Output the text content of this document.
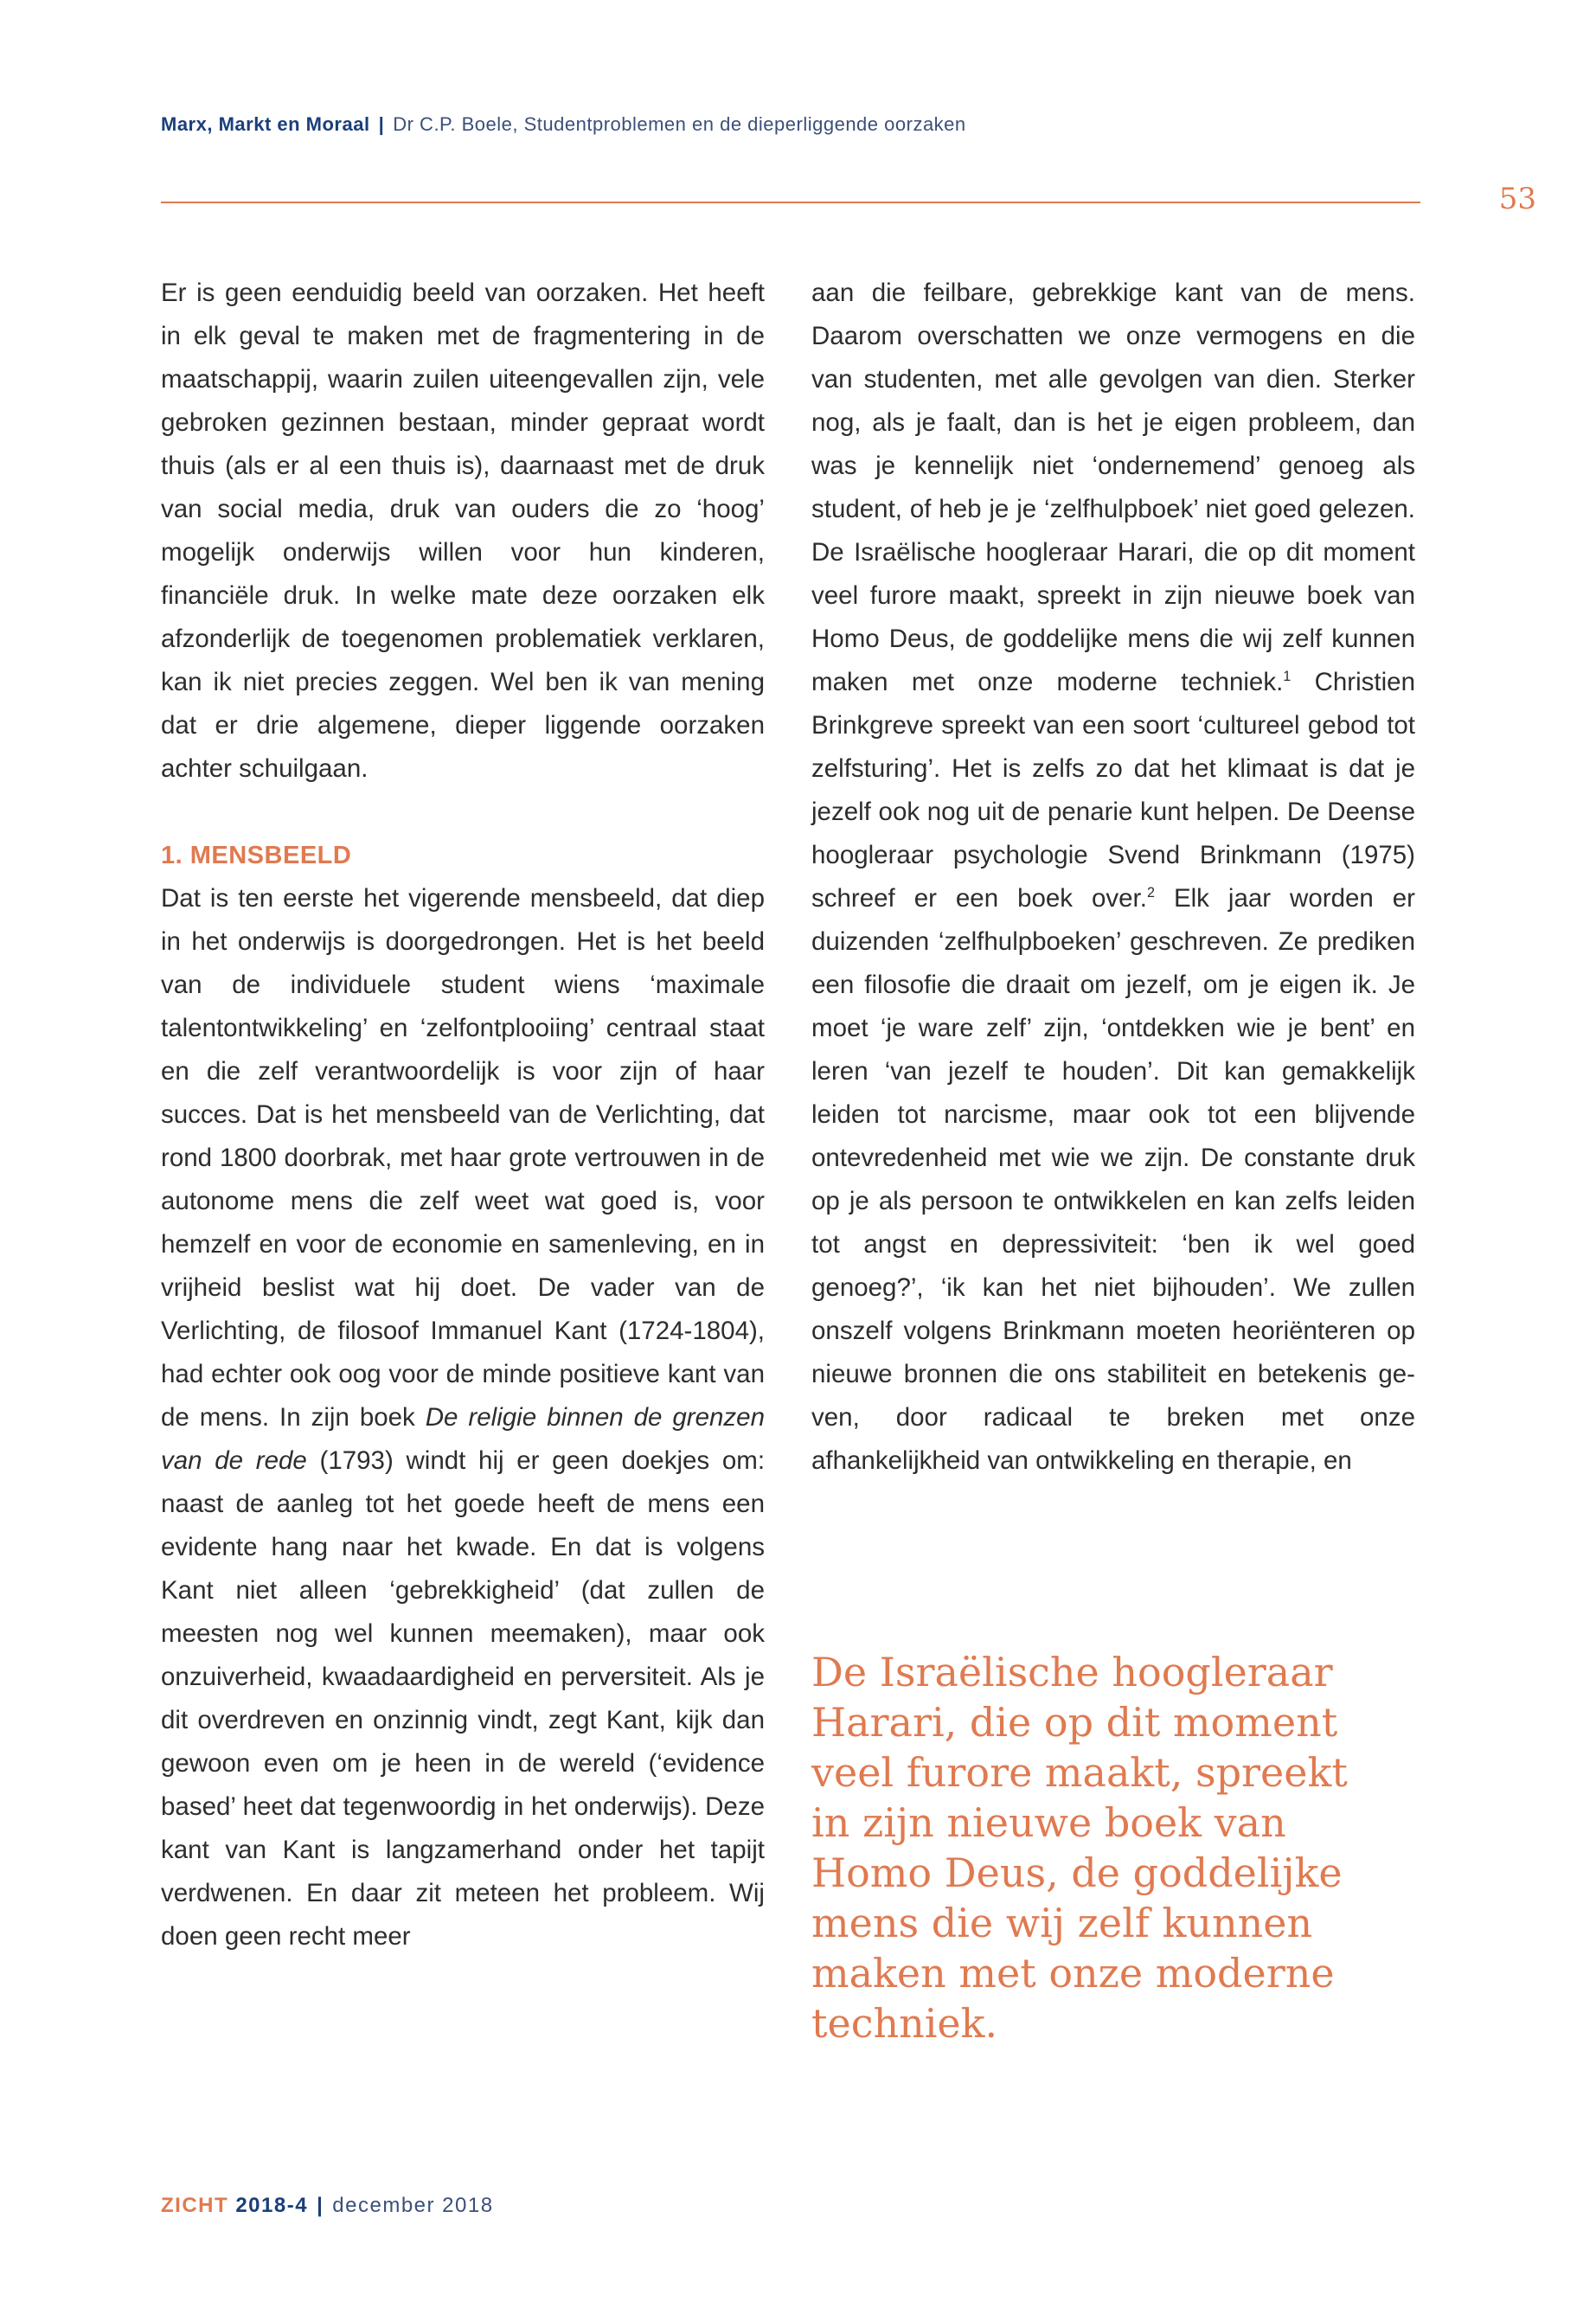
Marx, Markt en Moraal | Dr C.P. Boele, Studentproblemen en de dieperliggende oorzaken
53

Er is geen eenduidig beeld van oorzaken. Het heeft in elk geval te maken met de fragmentering in de maatschappij, waarin zuilen uiteengevallen zijn, vele gebroken gezinnen bestaan, minder gepraat wordt thuis (als er al een thuis is), daarnaast met de druk van social media, druk van ouders die zo ‘hoog’ mogelijk onderwijs willen voor hun kinderen, financiële druk. In welke mate deze oorzaken elk afzonderlijk de toegenomen problematiek verklaren, kan ik niet precies zeggen. Wel ben ik van mening dat er drie algemene, dieper liggende oorzaken achter schuilgaan.

1. MENSBEELD

Dat is ten eerste het vigerende mensbeeld, dat diep in het onderwijs is doorgedrongen. Het is het beeld van de individuele student wiens ‘maximale talentontwikkeling’ en ‘zelfontplooiing’ centraal staat en die zelf verantwoordelijk is voor zijn of haar succes. Dat is het mensbeeld van de Verlichting, dat rond 1800 doorbrak, met haar grote vertrouwen in de autonome mens die zelf weet wat goed is, voor hemzelf en voor de economie en samenleving, en in vrijheid beslist wat hij doet. De vader van de Verlichting, de filosoof Immanuel Kant (1724-1804), had echter ook oog voor de minde positieve kant van de mens. In zijn boek De religie binnen de grenzen van de rede (1793) windt hij er geen doekjes om: naast de aanleg tot het goede heeft de mens een evidente hang naar het kwade. En dat is volgens Kant niet alleen ‘gebrekkigheid’ (dat zullen de meesten nog wel kunnen meemaken), maar ook onzuiverheid, kwaadaardigheid en perversiteit. Als je dit overdreven en onzinnig vindt, zegt Kant, kijk dan gewoon even om je heen in de wereld (‘evidence based’ heet dat tegenwoordig in het onderwijs). Deze kant van Kant is langzamerhand onder het tapijt verdwenen. En daar zit meteen het probleem. Wij doen geen recht meer

aan die feilbare, gebrekkige kant van de mens. Daarom overschatten we onze vermogens en die van studenten, met alle gevolgen van dien. Sterker nog, als je faalt, dan is het je eigen probleem, dan was je kennelijk niet ‘ondernemend’ genoeg als student, of heb je je ‘zelfhulpboek’ niet goed gelezen. De Israëlische hoogleraar Harari, die op dit moment veel furore maakt, spreekt in zijn nieuwe boek van Homo Deus, de goddelijke mens die wij zelf kunnen maken met onze moderne techniek.$^1$ Christien Brinkgreve spreekt van een soort ‘cultureel gebod tot zelfsturing’. Het is zelfs zo dat het klimaat is dat je jezelf ook nog uit de penarie kunt helpen. De Deense hoogleraar psychologie Svend Brinkmann (1975) schreef er een boek over.$^2$ Elk jaar worden er duizenden ‘zelfhulpboeken’ geschreven. Ze prediken een filosofie die draait om jezelf, om je eigen ik. Je moet ‘je ware zelf’ zijn, ‘ontdekken wie je bent’ en leren ‘van jezelf te houden’. Dit kan gemakkelijk leiden tot narcisme, maar ook tot een blijvende ontevredenheid met wie we zijn. De constante druk op je als persoon te ontwikkelen en kan zelfs leiden tot angst en depressiviteit: ‘ben ik wel goed genoeg?’, ‘ik kan het niet bijhouden’. We zullen onszelf volgens Brinkmann moeten heoriënteren op nieuwe bronnen die ons stabiliteit en betekenis geven, door radicaal te breken met onze afhankelijkheid van ontwikkeling en therapie, en

De Israëlische hoogleraar Harari, die op dit moment veel furore maakt, spreekt in zijn nieuwe boek van Homo Deus, de goddelijke mens die wij zelf kunnen maken met onze moderne techniek.

ZICHT 2018-4 | december 2018
